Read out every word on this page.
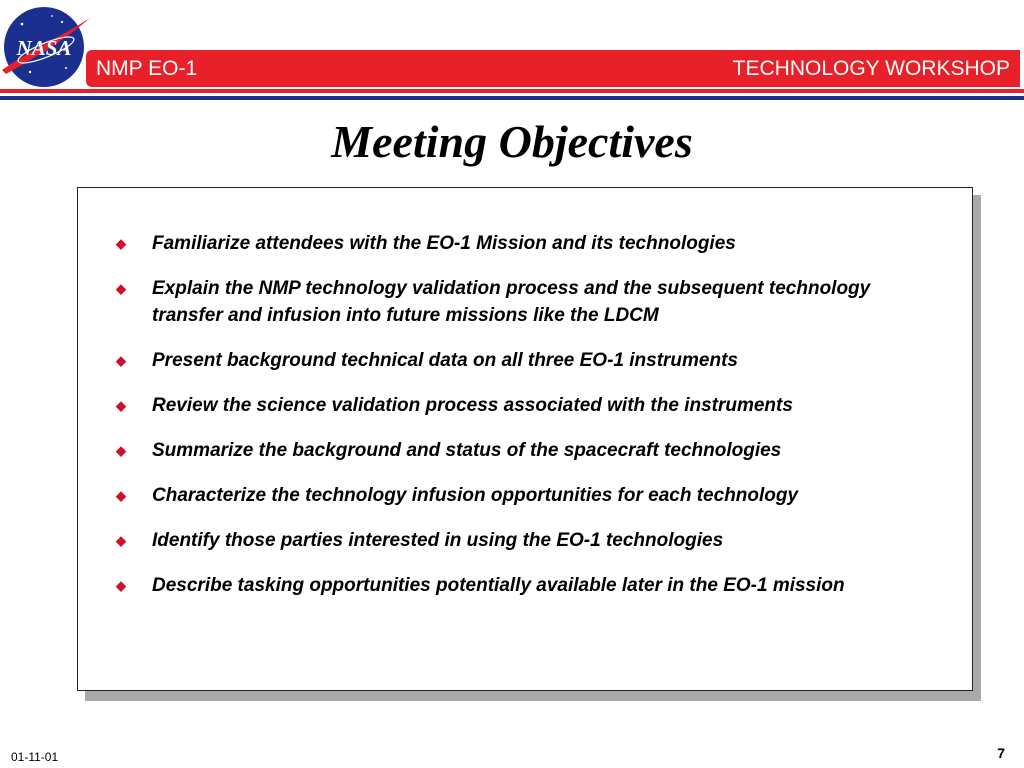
NASA
NMP EO-1	TECHNOLOGY WORKSHOP
Meeting Objectives
◆ Familiarize attendees with the EO-1 Mission and its technologies
◆ Explain the NMP technology validation process and the subsequent technology transfer and infusion into future missions like the LDCM
◆ Present background technical data on all three EO-1 instruments
◆ Review the science validation process associated with the instruments
◆ Summarize the background and status of the spacecraft technologies
◆ Characterize the technology infusion opportunities for each technology
◆ Identify those parties interested in using the EO-1 technologies
◆ Describe tasking opportunities potentially available later in the EO-1 mission
01-11-01	7
